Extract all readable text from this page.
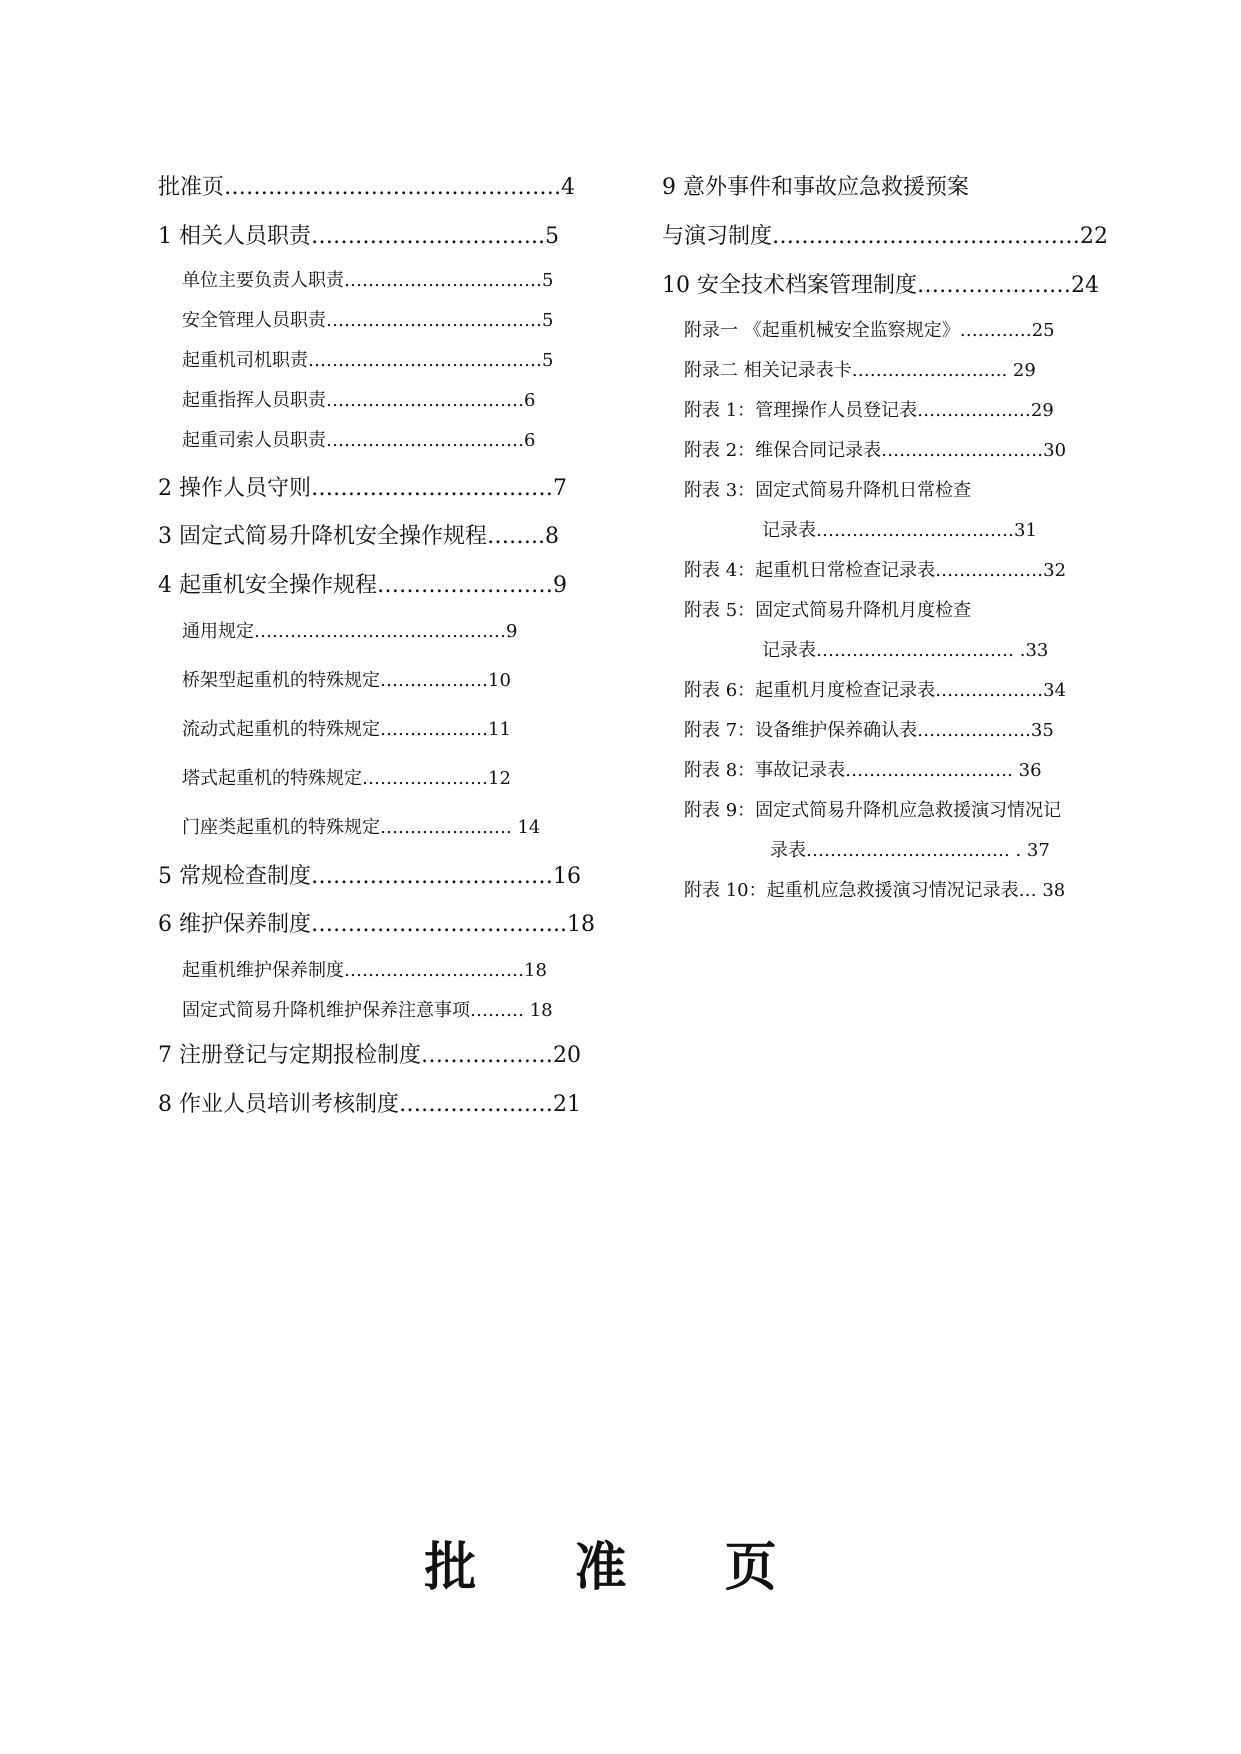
批准页……………………………………….4
1 相关人员职责…………………………..5
单位主要负责人职责……………………………5
安全管理人员职责………………………………5
起重机司机职责…………………………………5
起重指挥人员职责……………………………6
起重司索人员职责……………………………6
2 操作人员守则……………………………7
3 固定式简易升降机安全操作规程……..8
4 起重机安全操作规程……………………9
通用规定……………………………………9
桥架型起重机的特殊规定………………10
流动式起重机的特殊规定………………11
塔式起重机的特殊规定…………………12
门座类起重机的特殊规定…………………. 14
5 常规检查制度……………………………16
6 维护保养制度……………………………..18
起重机维护保养制度…………………………18
固定式简易升降机维护保养注意事项……… 18
7 注册登记与定期报检制度………………20
8 作业人员培训考核制度…………………21
9 意外事件和事故应急救援预案
与演习制度……………………………………22
10 安全技术档案管理制度…………………24
附录一 《起重机械安全监察规定》…………25
附录二 相关记录表卡…………………….. 29
附表 1：管理操作人员登记表…………….…29
附表 2：维保合同记录表………………………30
附表 3：固定式简易升降机日常检查
记录表……………………………31
附表 4：起重机日常检查记录表………………32
附表 5：固定式简易升降机月度检查
记录表…………………………… .33
附表 6：起重机月度检查记录表………………34
附表 7：设备维护保养确认表……………….35
附表 8：事故记录表………………………. 36
附表 9：固定式简易升降机应急救援演习情况记
录表……………………………. . 37
附表 10：起重机应急救援演习情况记录表… 38
批 准 页
